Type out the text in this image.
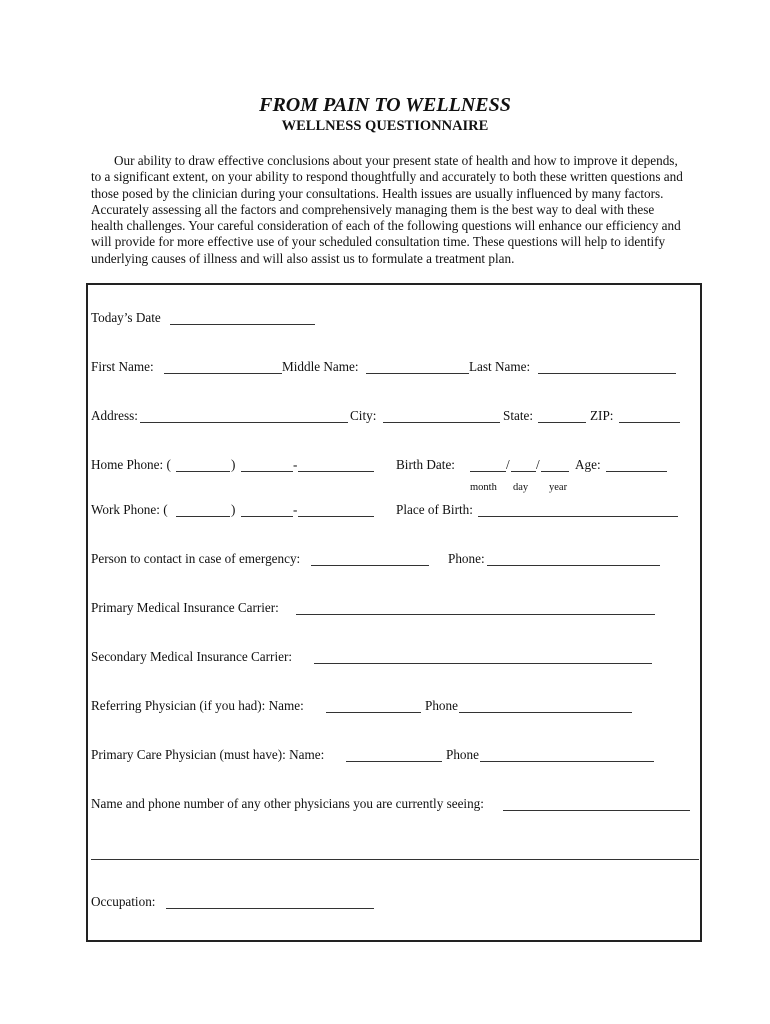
FROM PAIN TO WELLNESS
WELLNESS QUESTIONNAIRE

Our ability to draw effective conclusions about your present state of health and how to improve it depends,
to a significant extent, on your ability to respond thoughtfully and accurately to both these written questions and
those posed by the clinician during your consultations. Health issues are usually influenced by many factors.
Accurately assessing all the factors and comprehensively managing them is the best way to deal with these
health challenges. Your careful consideration of each of the following questions will enhance our efficiency and
will provide for more effective use of your scheduled consultation time. These questions will help to identify
underlying causes of illness and will also assist us to formulate a treatment plan.

Today’s Date
First Name:	Middle Name:	Last Name:
Address:	City:	State:	ZIP:
Home Phone: (	)	-	Birth Date:	/ /	Age:
month day year
Work Phone: (	)	-	Place of Birth:
Person to contact in case of emergency:	Phone:
Primary Medical Insurance Carrier:
Secondary Medical Insurance Carrier:
Referring Physician (if you had): Name:	Phone
Primary Care Physician (must have): Name:	Phone
Name and phone number of any other physicians you are currently seeing:
Occupation:
